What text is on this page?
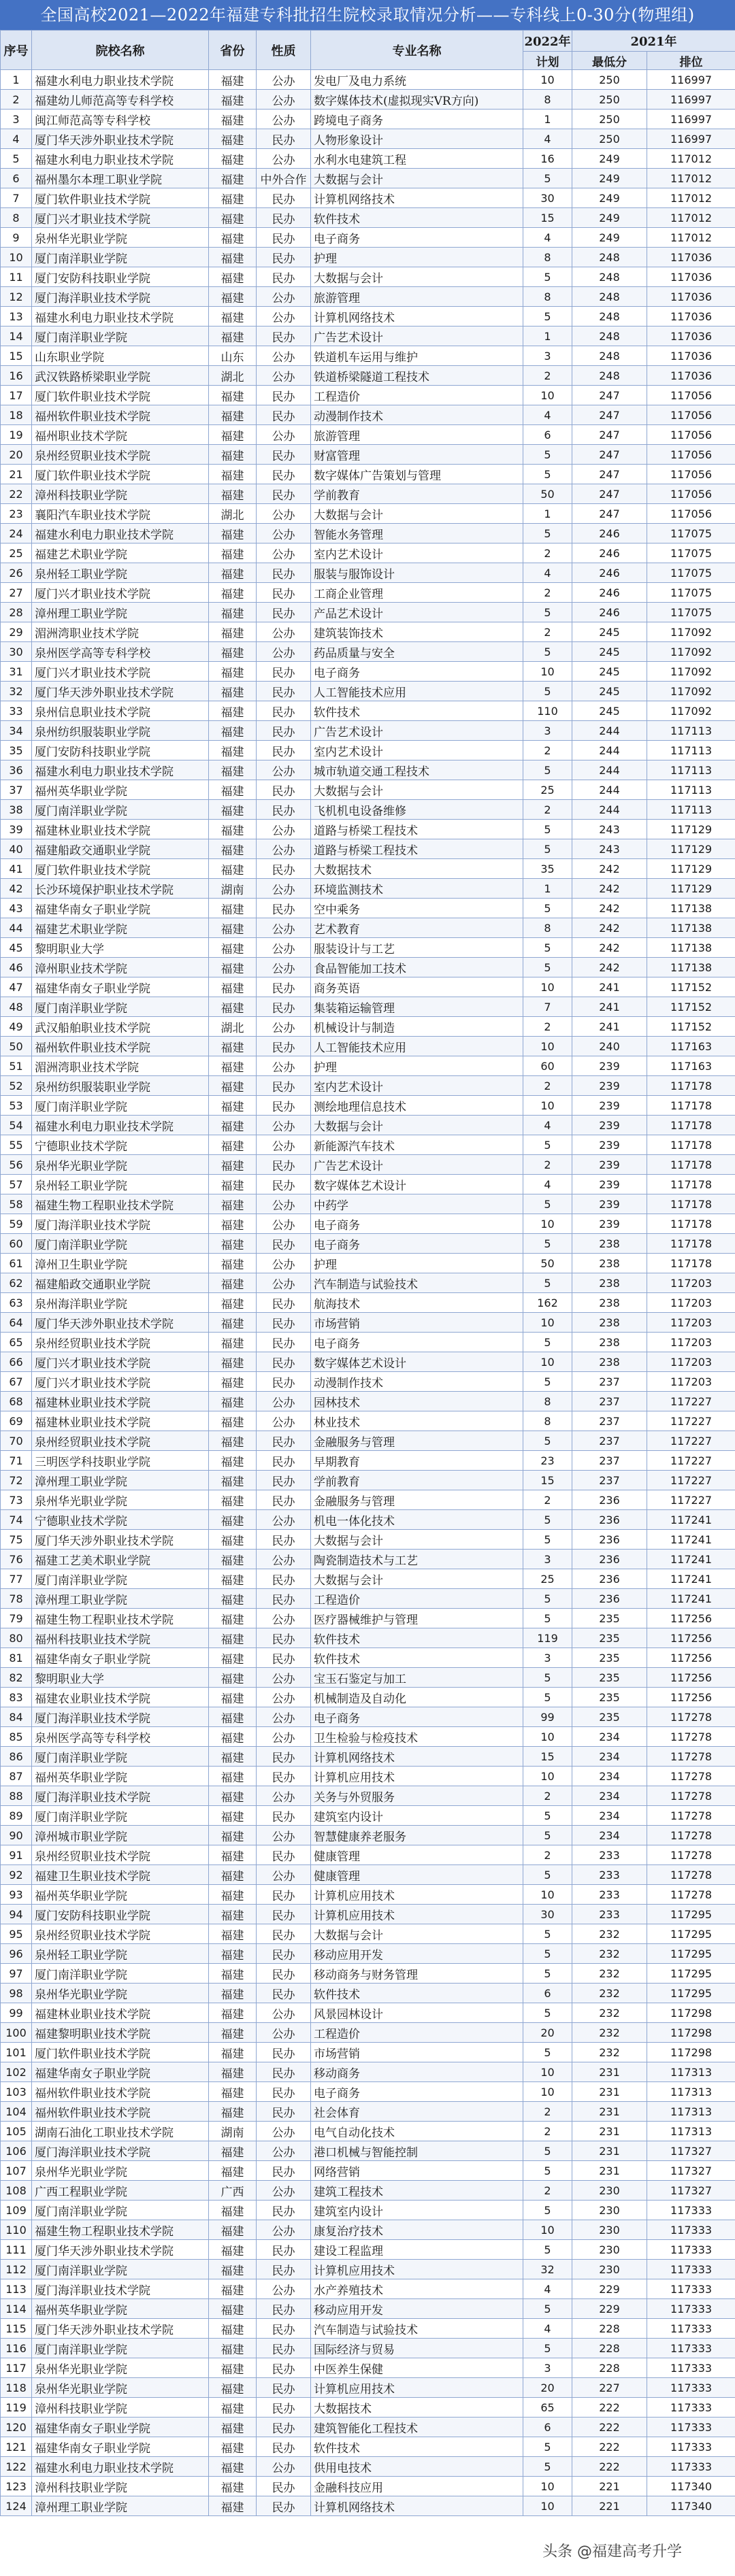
全国高校2021—2022年福建专科批招生院校录取情况分析——专科线上0-30分(物理组)
序号	院校名称	省份	性质	专业名称	2022年	2021年	
					计划	最低分	排位
1	福建水利电力职业技术学院	福建	公办	发电厂及电力系统	10	250	116997
2	福建幼儿师范高等专科学校	福建	公办	数字媒体技术(虚拟现实VR方向)	8	250	116997
3	闽江师范高等专科学校	福建	公办	跨境电子商务	1	250	116997
4	厦门华天涉外职业技术学院	福建	民办	人物形象设计	4	250	116997
5	福建水利电力职业技术学院	福建	公办	水利水电建筑工程	16	249	117012
6	福州墨尔本理工职业学院	福建	中外合作	大数据与会计	5	249	117012
7	厦门软件职业技术学院	福建	民办	计算机网络技术	30	249	117012
8	厦门兴才职业技术学院	福建	民办	软件技术	15	249	117012
9	泉州华光职业学院	福建	民办	电子商务	4	249	117012
10	厦门南洋职业学院	福建	民办	护理	8	248	117036
11	厦门安防科技职业学院	福建	民办	大数据与会计	5	248	117036
12	厦门海洋职业技术学院	福建	公办	旅游管理	8	248	117036
13	福建水利电力职业技术学院	福建	公办	计算机网络技术	5	248	117036
14	厦门南洋职业学院	福建	民办	广告艺术设计	1	248	117036
15	山东职业学院	山东	公办	铁道机车运用与维护	3	248	117036
16	武汉铁路桥梁职业学院	湖北	公办	铁道桥梁隧道工程技术	2	248	117036
17	厦门软件职业技术学院	福建	民办	工程造价	10	247	117056
18	福州软件职业技术学院	福建	民办	动漫制作技术	4	247	117056
19	福州职业技术学院	福建	公办	旅游管理	6	247	117056
20	泉州经贸职业技术学院	福建	民办	财富管理	5	247	117056
21	厦门软件职业技术学院	福建	民办	数字媒体广告策划与管理	5	247	117056
22	漳州科技职业学院	福建	民办	学前教育	50	247	117056
23	襄阳汽车职业技术学院	湖北	公办	大数据与会计	1	247	117056
24	福建水利电力职业技术学院	福建	公办	智能水务管理	5	246	117075
25	福建艺术职业学院	福建	公办	室内艺术设计	2	246	117075
26	泉州轻工职业学院	福建	民办	服装与服饰设计	4	246	117075
27	厦门兴才职业技术学院	福建	民办	工商企业管理	2	246	117075
28	漳州理工职业学院	福建	民办	产品艺术设计	5	246	117075
29	湄洲湾职业技术学院	福建	公办	建筑装饰技术	2	245	117092
30	泉州医学高等专科学校	福建	公办	药品质量与安全	5	245	117092
31	厦门兴才职业技术学院	福建	民办	电子商务	10	245	117092
32	厦门华天涉外职业技术学院	福建	民办	人工智能技术应用	5	245	117092
33	泉州信息职业技术学院	福建	民办	软件技术	110	245	117092
34	泉州纺织服装职业学院	福建	民办	广告艺术设计	3	244	117113
35	厦门安防科技职业学院	福建	民办	室内艺术设计	2	244	117113
36	福建水利电力职业技术学院	福建	公办	城市轨道交通工程技术	5	244	117113
37	福州英华职业学院	福建	民办	大数据与会计	25	244	117113
38	厦门南洋职业学院	福建	民办	飞机机电设备维修	2	244	117113
39	福建林业职业技术学院	福建	公办	道路与桥梁工程技术	5	243	117129
40	福建船政交通职业学院	福建	公办	道路与桥梁工程技术	5	243	117129
41	厦门软件职业技术学院	福建	民办	大数据技术	35	242	117129
42	长沙环境保护职业技术学院	湖南	公办	环境监测技术	1	242	117129
43	福建华南女子职业学院	福建	民办	空中乘务	5	242	117138
44	福建艺术职业学院	福建	公办	艺术教育	8	242	117138
45	黎明职业大学	福建	公办	服装设计与工艺	5	242	117138
46	漳州职业技术学院	福建	公办	食品智能加工技术	5	242	117138
47	福建华南女子职业学院	福建	民办	商务英语	10	241	117152
48	厦门南洋职业学院	福建	民办	集装箱运输管理	7	241	117152
49	武汉船舶职业技术学院	湖北	公办	机械设计与制造	2	241	117152
50	福州软件职业技术学院	福建	民办	人工智能技术应用	10	240	117163
51	湄洲湾职业技术学院	福建	公办	护理	60	239	117163
52	泉州纺织服装职业学院	福建	民办	室内艺术设计	2	239	117178
53	厦门南洋职业学院	福建	民办	测绘地理信息技术	10	239	117178
54	福建水利电力职业技术学院	福建	公办	大数据与会计	4	239	117178
55	宁德职业技术学院	福建	公办	新能源汽车技术	5	239	117178
56	泉州华光职业学院	福建	民办	广告艺术设计	2	239	117178
57	泉州轻工职业学院	福建	民办	数字媒体艺术设计	4	239	117178
58	福建生物工程职业技术学院	福建	公办	中药学	5	239	117178
59	厦门海洋职业技术学院	福建	公办	电子商务	10	239	117178
60	厦门南洋职业学院	福建	民办	电子商务	5	238	117178
61	漳州卫生职业学院	福建	公办	护理	50	238	117178
62	福建船政交通职业学院	福建	公办	汽车制造与试验技术	5	238	117203
63	泉州海洋职业学院	福建	民办	航海技术	162	238	117203
64	厦门华天涉外职业技术学院	福建	民办	市场营销	10	238	117203
65	泉州经贸职业技术学院	福建	民办	电子商务	5	238	117203
66	厦门兴才职业技术学院	福建	民办	数字媒体艺术设计	10	238	117203
67	厦门兴才职业技术学院	福建	民办	动漫制作技术	5	237	117203
68	福建林业职业技术学院	福建	公办	园林技术	8	237	117227
69	福建林业职业技术学院	福建	公办	林业技术	8	237	117227
70	泉州经贸职业技术学院	福建	民办	金融服务与管理	5	237	117227
71	三明医学科技职业学院	福建	民办	早期教育	23	237	117227
72	漳州理工职业学院	福建	民办	学前教育	15	237	117227
73	泉州华光职业学院	福建	民办	金融服务与管理	2	236	117227
74	宁德职业技术学院	福建	公办	机电一体化技术	5	236	117241
75	厦门华天涉外职业技术学院	福建	民办	大数据与会计	5	236	117241
76	福建工艺美术职业学院	福建	公办	陶瓷制造技术与工艺	3	236	117241
77	厦门南洋职业学院	福建	民办	大数据与会计	25	236	117241
78	漳州理工职业学院	福建	民办	工程造价	5	236	117241
79	福建生物工程职业技术学院	福建	公办	医疗器械维护与管理	5	235	117256
80	福州科技职业技术学院	福建	民办	软件技术	119	235	117256
81	福建华南女子职业学院	福建	民办	软件技术	3	235	117256
82	黎明职业大学	福建	公办	宝玉石鉴定与加工	5	235	117256
83	福建农业职业技术学院	福建	公办	机械制造及自动化	5	235	117256
84	厦门海洋职业技术学院	福建	公办	电子商务	99	235	117278
85	泉州医学高等专科学校	福建	公办	卫生检验与检疫技术	10	234	117278
86	厦门南洋职业学院	福建	民办	计算机网络技术	15	234	117278
87	福州英华职业学院	福建	民办	计算机应用技术	10	234	117278
88	厦门海洋职业技术学院	福建	公办	关务与外贸服务	2	234	117278
89	厦门南洋职业学院	福建	民办	建筑室内设计	5	234	117278
90	漳州城市职业学院	福建	公办	智慧健康养老服务	5	234	117278
91	泉州经贸职业技术学院	福建	民办	健康管理	2	233	117278
92	福建卫生职业技术学院	福建	公办	健康管理	5	233	117278
93	福州英华职业学院	福建	民办	计算机应用技术	10	233	117278
94	厦门安防科技职业学院	福建	民办	计算机应用技术	30	233	117295
95	泉州经贸职业技术学院	福建	民办	大数据与会计	5	232	117295
96	泉州轻工职业学院	福建	民办	移动应用开发	5	232	117295
97	厦门南洋职业学院	福建	民办	移动商务与财务管理	5	232	117295
98	泉州华光职业学院	福建	民办	软件技术	6	232	117295
99	福建林业职业技术学院	福建	公办	风景园林设计	5	232	117298
100	福建黎明职业技术学院	福建	公办	工程造价	20	232	117298
101	厦门软件职业技术学院	福建	民办	市场营销	5	232	117298
102	福建华南女子职业学院	福建	民办	移动商务	10	231	117313
103	福州软件职业技术学院	福建	民办	电子商务	10	231	117313
104	福州软件职业技术学院	福建	民办	社会体育	2	231	117313
105	湖南石油化工职业技术学院	湖南	公办	电气自动化技术	2	231	117313
106	厦门海洋职业技术学院	福建	公办	港口机械与智能控制	5	231	117327
107	泉州华光职业学院	福建	民办	网络营销	5	231	117327
108	广西工程职业学院	广西	公办	建筑工程技术	2	230	117327
109	厦门南洋职业学院	福建	民办	建筑室内设计	5	230	117333
110	福建生物工程职业技术学院	福建	公办	康复治疗技术	10	230	117333
111	厦门华天涉外职业技术学院	福建	民办	建设工程监理	5	230	117333
112	厦门南洋职业学院	福建	民办	计算机应用技术	32	230	117333
113	厦门海洋职业技术学院	福建	公办	水产养殖技术	4	229	117333
114	福州英华职业学院	福建	民办	移动应用开发	5	229	117333
115	厦门华天涉外职业技术学院	福建	民办	汽车制造与试验技术	4	228	117333
116	厦门南洋职业学院	福建	民办	国际经济与贸易	5	228	117333
117	泉州华光职业学院	福建	民办	中医养生保健	3	228	117333
118	泉州华光职业学院	福建	民办	计算机应用技术	20	227	117333
119	漳州科技职业学院	福建	民办	大数据技术	65	222	117333
120	福建华南女子职业学院	福建	民办	建筑智能化工程技术	6	222	117333
121	福建华南女子职业学院	福建	民办	软件技术	5	222	117333
122	福建水利电力职业技术学院	福建	公办	供用电技术	5	222	117333
123	漳州科技职业学院	福建	民办	金融科技应用	10	221	117340
124	漳州理工职业学院	福建	民办	计算机网络技术	10	221	117340
头条 @福建高考升学
